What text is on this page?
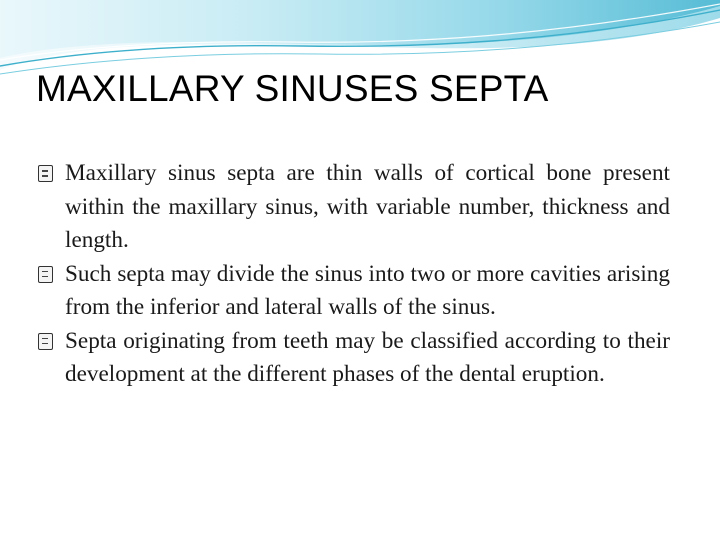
MAXILLARY SINUSES SEPTA
Maxillary sinus septa are thin walls of cortical bone present within the maxillary sinus, with variable number, thickness and length.
Such septa may divide the sinus into two or more cavities arising from the inferior and lateral walls of the sinus.
Septa originating from teeth may be classified according to their development at the different phases of the dental eruption.
